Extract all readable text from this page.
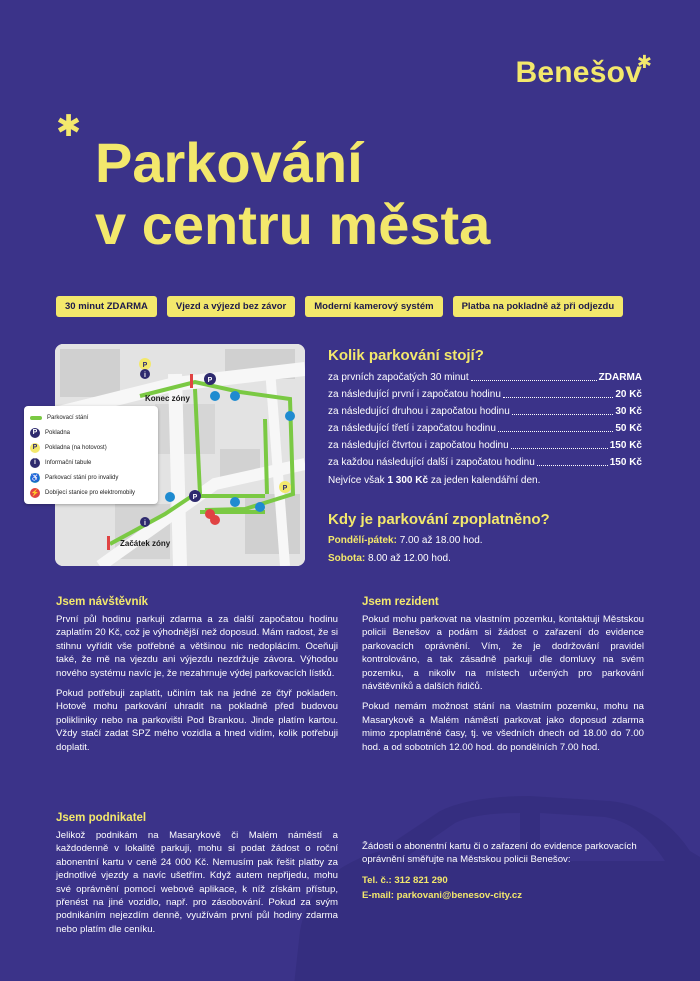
Benešov
✱
✱
Parkování
v centru města
30 minut ZDARMA	Vjezd a výjezd bez závor	Moderní kamerový systém	Platba na pokladně až při odjezdu
P
P
P
P
i
i
Konec zóny
Začátek zóny
Parkovací stání
P	Pokladna
P	Pokladna (na hotovost)
i	Informační tabule
♿ Parkovací stání pro invalidy
⚡ Dobíjecí stanice pro elektromobily
Kolik parkování stojí?
za prvních započatých 30 minut	ZDARMA
za následující první i započatou hodinu	20 Kč
za následující druhou i započatou hodinu	30 Kč
za následující třetí i započatou hodinu	50 Kč
za následující čtvrtou i započatou hodinu	150 Kč
za každou následující další i započatou hodinu	150 Kč
Nejvíce však 1 300 Kč za jeden kalendářní den.
Kdy je parkování zpoplatněno?

Pondělí-pátek: 7.00 až 18.00 hod.

Sobota: 8.00 až 12.00 hod.

Jsem návštěvník

První půl hodinu parkuji zdarma a za další započatou hodinu zaplatím 20 Kč, což je výhodnější než doposud. Mám radost, že si stihnu vyřídit vše potřebné a většinou nic nedoplácím. Oceňuji také, že mě na vjezdu ani výjezdu nezdržuje závora. Výhodou nového systému navíc je, že nezahrnuje výdej parkovacích lístků.

Pokud potřebuji zaplatit, učiním tak na jedné ze čtyř pokladen. Hotově mohu parkování uhradit na pokladně před budovou polikliniky nebo na parkovišti Pod Brankou. Jinde platím kartou. Vždy stačí zadat SPZ mého vozidla a hned vidím, kolik potřebuji doplatit.

Jsem podnikatel

Jelikož podnikám na Masarykově či Malém náměstí a každodenně v lokalitě parkuji, mohu si podat žádost o roční abonentní kartu v ceně 24 000 Kč. Nemusím pak řešit platby za jednotlivé vjezdy a navíc ušetřím. Když autem nepřijedu, mohu své oprávnění pomocí webové aplikace, k níž získám přístup, přenést na jiné vozidlo, např. pro zásobování. Pokud za svým podnikáním nejezdím denně, využívám první půl hodiny zdarma nebo platím dle ceníku.

Jsem rezident

Pokud mohu parkovat na vlastním pozemku, kontaktuji Městskou policii Benešov a podám si žádost o zařazení do evidence parkovacích oprávnění. Vím, že je dodržování pravidel kontrolováno, a tak zásadně parkuji dle domluvy na svém pozemku, a nikoliv na místech určených pro parkování návštěvníků a dalších řidičů.

Pokud nemám možnost stání na vlastním pozemku, mohu na Masarykově a Malém náměstí parkovat jako doposud zdarma mimo zpoplatněné časy, tj. ve všedních dnech od 18.00 do 7.00 hod. a od sobotních 12.00 hod. do pondělních 7.00 hod.

Žádosti o abonentní kartu či o zařazení do evidence parkovacích oprávnění směřujte na Městskou policii Benešov:

Tel. č.: 312 821 290

E-mail: parkovani@benesov-city.cz
